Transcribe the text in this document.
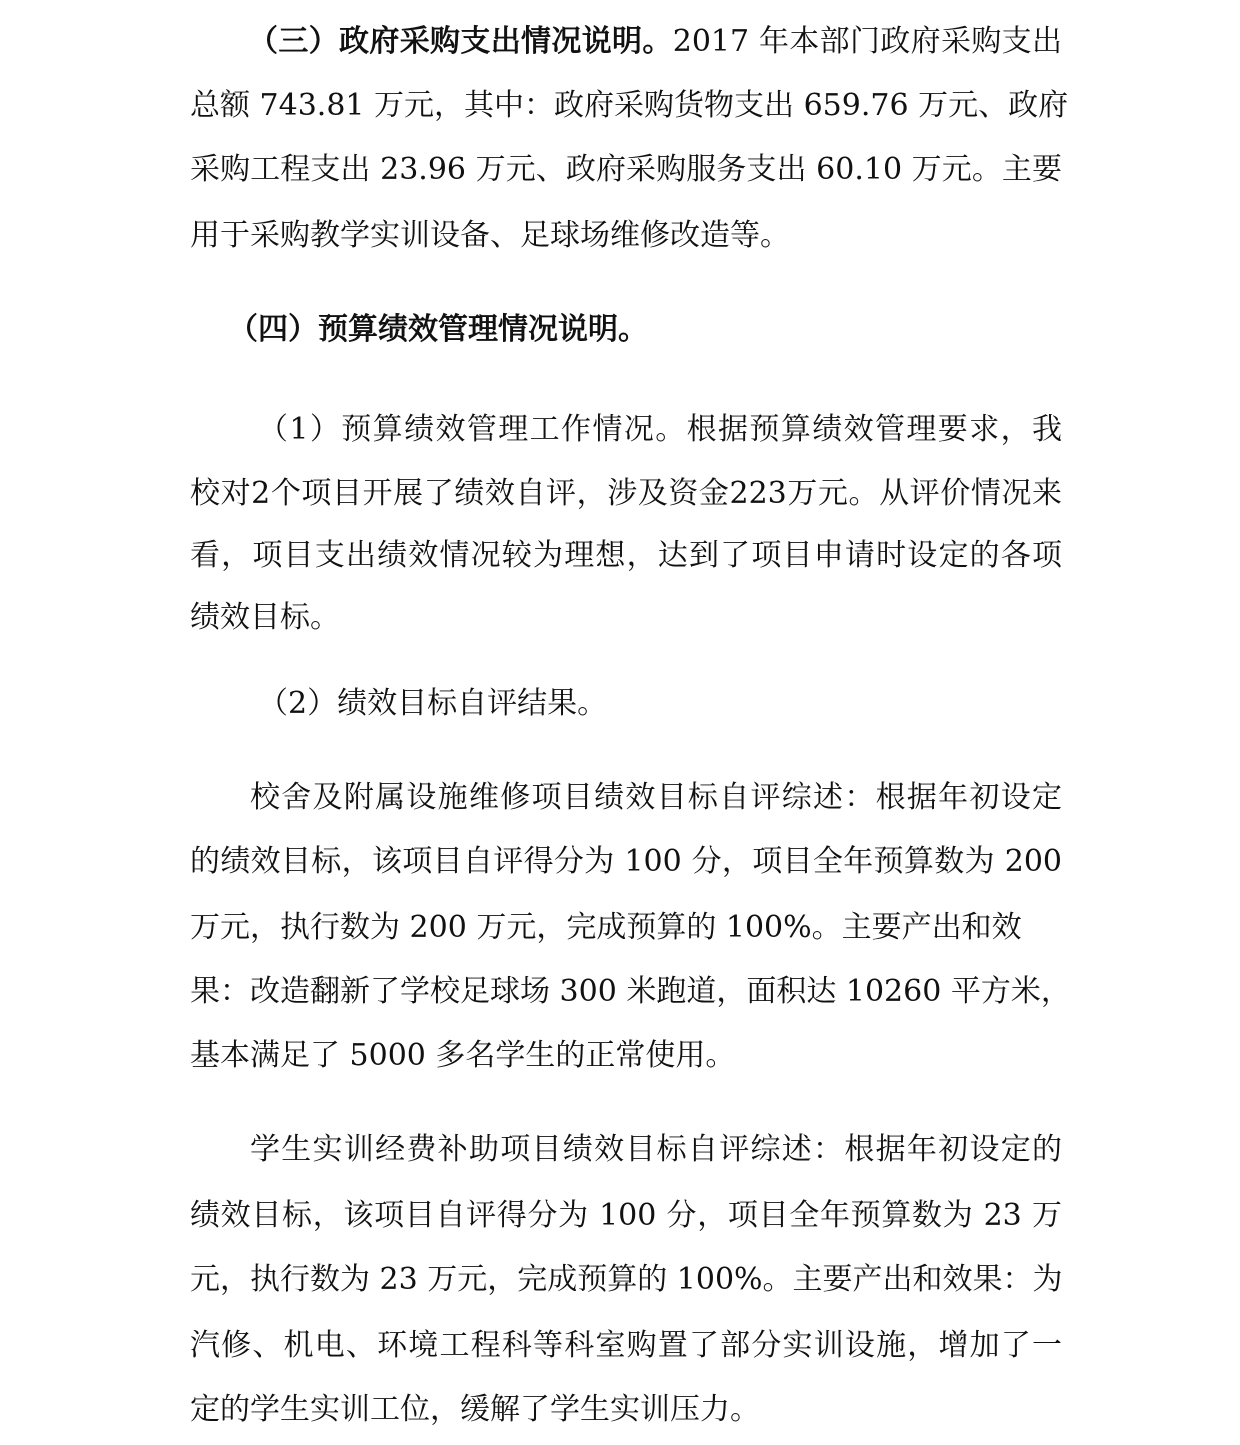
（三）政府采购支出情况说明。2017 年本部门政府采购支出
总额 743.81 万元，其中：政府采购货物支出 659.76 万元、政府
采购工程支出 23.96 万元、政府采购服务支出 60.10 万元。主要
用于采购教学实训设备、足球场维修改造等。
（四）预算绩效管理情况说明。
（1）预算绩效管理工作情况。根据预算绩效管理要求，我
校对2个项目开展了绩效自评，涉及资金223万元。从评价情况来
看，项目支出绩效情况较为理想，达到了项目申请时设定的各项
绩效目标。
（2）绩效目标自评结果。
校舍及附属设施维修项目绩效目标自评综述：根据年初设定
的绩效目标，该项目自评得分为 100 分，项目全年预算数为 200
万元，执行数为 200 万元，完成预算的 100%。主要产出和效
果：改造翻新了学校足球场 300 米跑道，面积达 10260 平方米，
基本满足了 5000 多名学生的正常使用。
学生实训经费补助项目绩效目标自评综述：根据年初设定的
绩效目标，该项目自评得分为 100 分，项目全年预算数为 23 万
元，执行数为 23 万元，完成预算的 100%。主要产出和效果：为
汽修、机电、环境工程科等科室购置了部分实训设施，增加了一
定的学生实训工位，缓解了学生实训压力。
